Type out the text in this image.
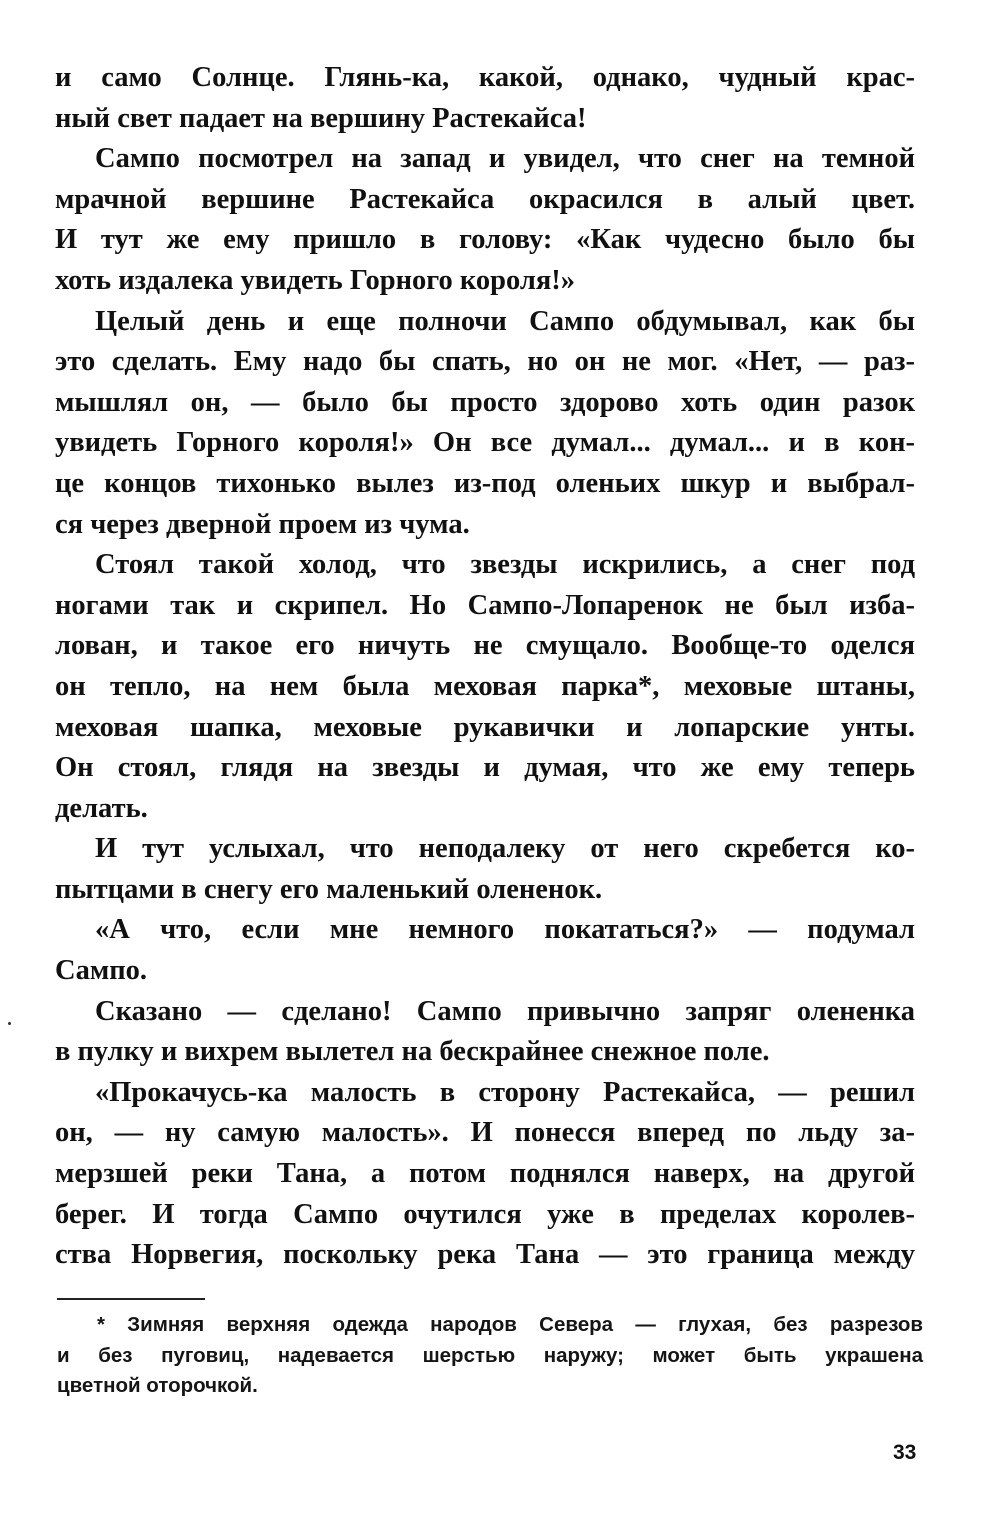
и само Солнце. Глянь-ка, какой, однако, чудный крас-
ный свет падает на вершину Растекайса!
Сампо посмотрел на запад и увидел, что снег на темной
мрачной вершине Растекайса окрасился в алый цвет.
И тут же ему пришло в голову: «Как чудесно было бы
хоть издалека увидеть Горного короля!»
Целый день и еще полночи Сампо обдумывал, как бы
это сделать. Ему надо бы спать, но он не мог. «Нет, — раз-
мышлял он, — было бы просто здорово хоть один разок
увидеть Горного короля!» Он все думал... думал... и в кон-
це концов тихонько вылез из-под оленьих шкур и выбрал-
ся через дверной проем из чума.
Стоял такой холод, что звезды искрились, а снег под
ногами так и скрипел. Но Сампо-Лопаренок не был изба-
лован, и такое его ничуть не смущало. Вообще-то оделся
он тепло, на нем была меховая парка*, меховые штаны,
меховая шапка, меховые рукавички и лопарские унты.
Он стоял, глядя на звезды и думая, что же ему теперь
делать.
И тут услыхал, что неподалеку от него скребется ко-
пытцами в снегу его маленький олененок.
«А что, если мне немного покататься?» — подумал
Сампо.
Сказано — сделано! Сампо привычно запряг олененка
в пулку и вихрем вылетел на бескрайнее снежное поле.
«Прокачусь-ка малость в сторону Растекайса, — решил
он, — ну самую малость». И понесся вперед по льду за-
мерзшей реки Тана, а потом поднялся наверх, на другой
берег. И тогда Сампо очутился уже в пределах королев-
ства Норвегия, поскольку река Тана — это граница между
* Зимняя верхняя одежда народов Севера — глухая, без разрезов
и без пуговиц, надевается шерстью наружу; может быть украшена
цветной оторочкой.
33
